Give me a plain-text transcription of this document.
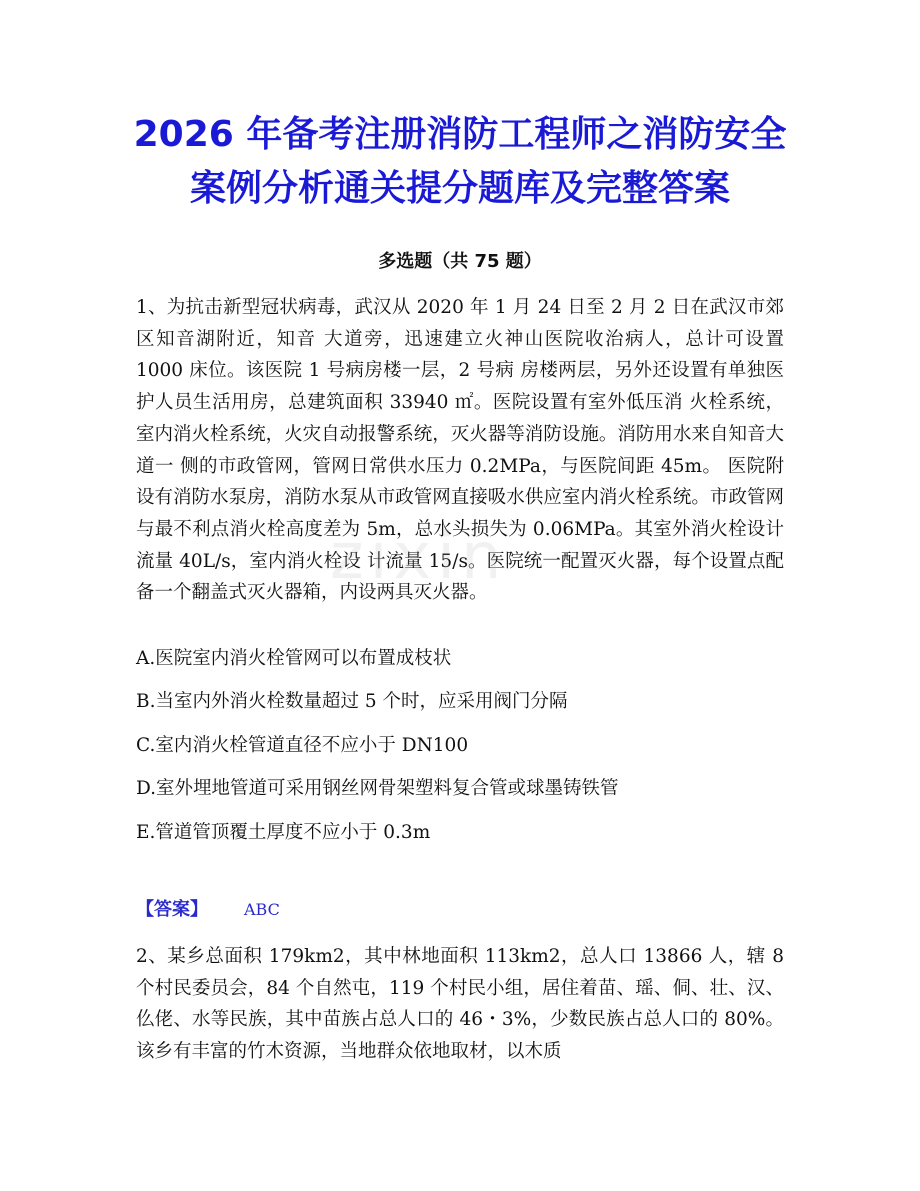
2026 年备考注册消防工程师之消防安全
案例分析通关提分题库及完整答案
多选题（共 75 题）

1、为抗击新型冠状病毒，武汉从 2020 年 1 月 24 日至 2 月 2 日在武汉市郊区知音湖附近，知音 大道旁，迅速建立火神山医院收治病人，总计可设置 1000 床位。该医院 1 号病房楼一层，2 号病 房楼两层，另外还设置有单独医护人员生活用房，总建筑面积 33940 ㎡。医院设置有室外低压消 火栓系统，室内消火栓系统，火灾自动报警系统，灭火器等消防设施。消防用水来自知音大道一 侧的市政管网，管网日常供水压力 0.2MPa，与医院间距 45m。 医院附设有消防水泵房，消防水泵从市政管网直接吸水供应室内消火栓系统。市政管网与最不利点消火栓高度差为 5m，总水头损失为 0.06MPa。其室外消火栓设计流量 40L/s，室内消火栓设 计流量 15/s。医院统一配置灭火器，每个设置点配备一个翻盖式灭火器箱，内设两具灭火器。

A.医院室内消火栓管网可以布置成枝状

B.当室内外消火栓数量超过 5 个时，应采用阀门分隔

C.室内消火栓管道直径不应小于 DN100

D.室外埋地管道可采用钢丝网骨架塑料复合管或球墨铸铁管

E.管道管顶覆土厚度不应小于 0.3m

【答案】 ABC

2、某乡总面积 179km2，其中林地面积 113km2，总人口 13866 人，辖 8 个村民委员会，84 个自然屯，119 个村民小组，居住着苗、瑶、侗、壮、汉、仫佬、水等民族，其中苗族占总人口的 46・3%，少数民族占总人口的 80%。该乡有丰富的竹木资源，当地群众依地取材，以木质

zixin
